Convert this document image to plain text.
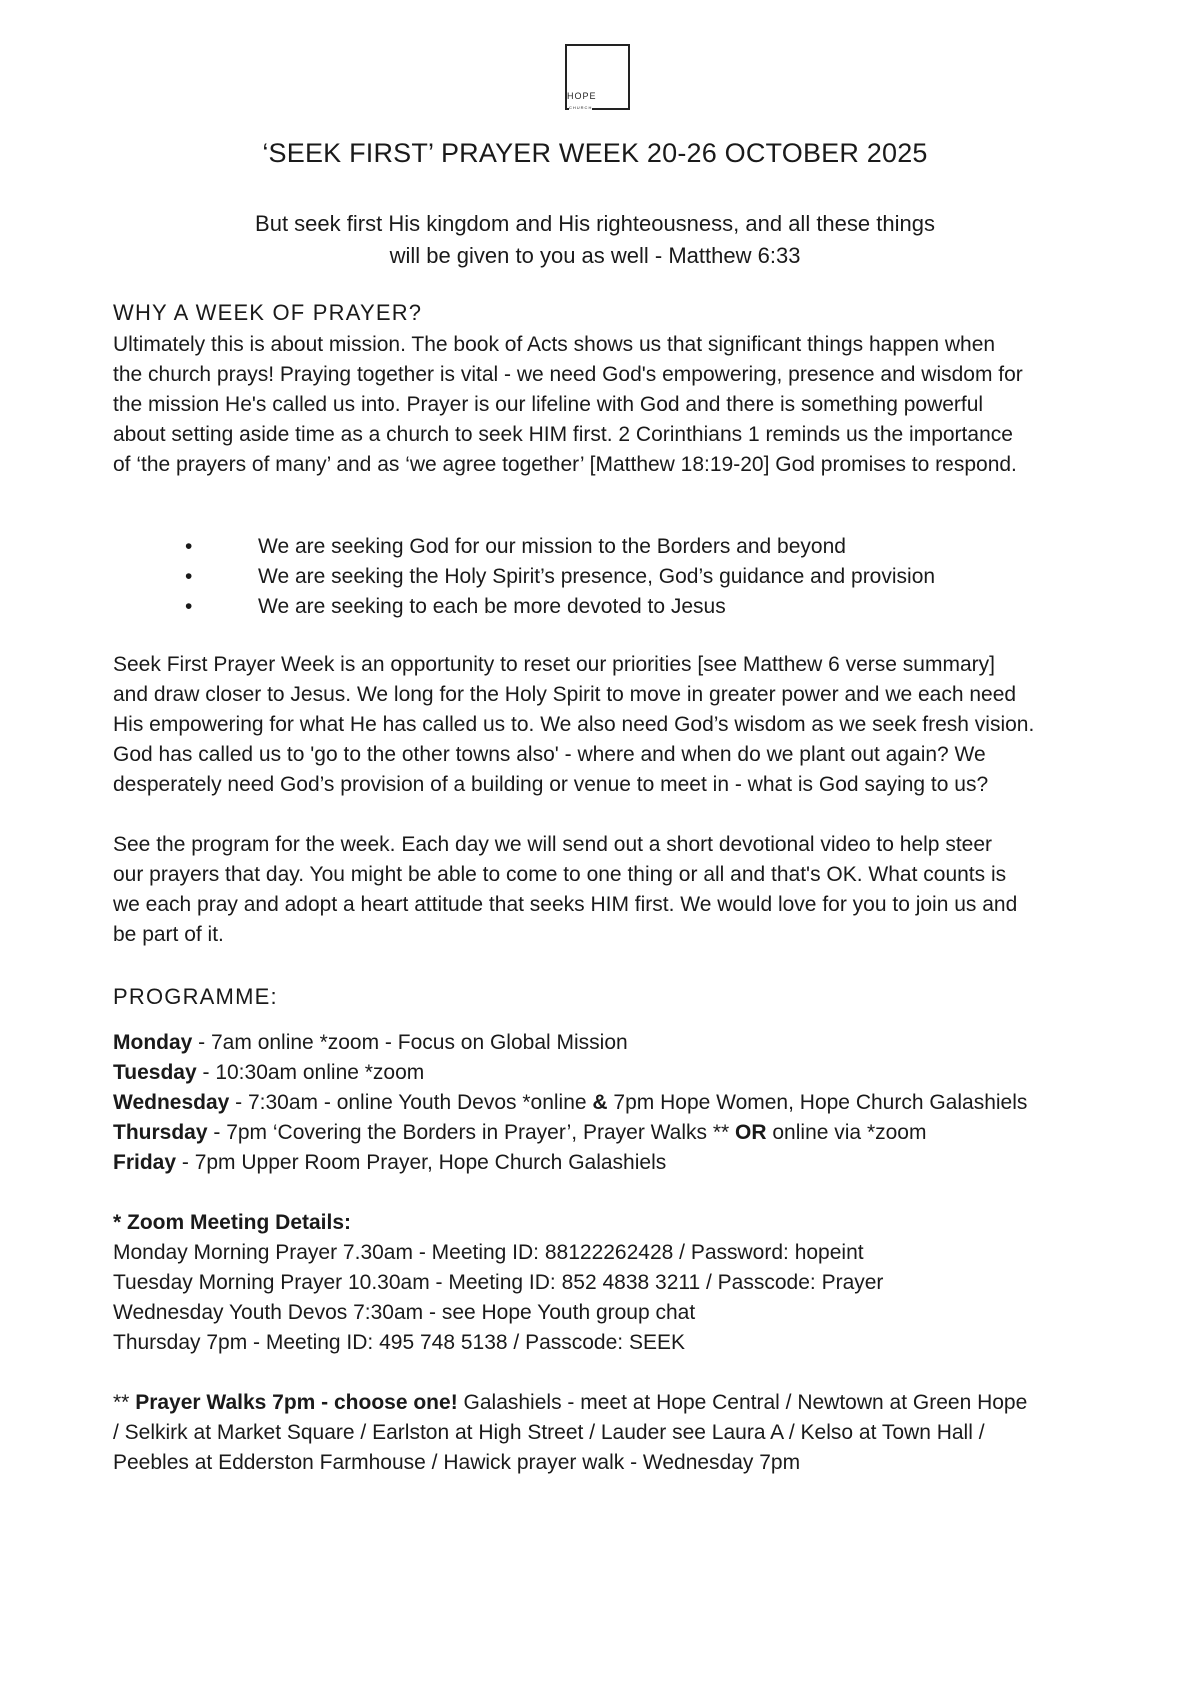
HOPE
CHURCH
‘SEEK FIRST’ PRAYER WEEK 20-26 OCTOBER 2025

But seek first His kingdom and His righteousness, and all these things
will be given to you as well - Matthew 6:33

WHY A WEEK OF PRAYER?

Ultimately this is about mission. The book of Acts shows us that significant things happen when
the church prays! Praying together is vital - we need God's empowering, presence and wisdom for
the mission He's called us into. Prayer is our lifeline with God and there is something powerful
about setting aside time as a church to seek HIM first. 2 Corinthians 1 reminds us the importance
of ‘the prayers of many’ and as ‘we agree together’ [Matthew 18:19-20] God promises to respond.

•	We are seeking God for our mission to the Borders and beyond
•	We are seeking the Holy Spirit’s presence, God’s guidance and provision
•	We are seeking to each be more devoted to Jesus

Seek First Prayer Week is an opportunity to reset our priorities [see Matthew 6 verse summary]
and draw closer to Jesus. We long for the Holy Spirit to move in greater power and we each need
His empowering for what He has called us to. We also need God’s wisdom as we seek fresh vision.
God has called us to 'go to the other towns also' - where and when do we plant out again? We
desperately need God’s provision of a building or venue to meet in - what is God saying to us?

See the program for the week. Each day we will send out a short devotional video to help steer
our prayers that day. You might be able to come to one thing or all and that's OK. What counts is
we each pray and adopt a heart attitude that seeks HIM first. We would love for you to join us and
be part of it.

PROGRAMME:
Monday - 7am online *zoom - Focus on Global Mission
Tuesday - 10:30am online *zoom
Wednesday - 7:30am - online Youth Devos *online & 7pm Hope Women, Hope Church Galashiels
Thursday - 7pm ‘Covering the Borders in Prayer’, Prayer Walks ** OR online via *zoom
Friday - 7pm Upper Room Prayer, Hope Church Galashiels
* Zoom Meeting Details:
Monday Morning Prayer 7.30am - Meeting ID: 88122262428 / Password: hopeint
Tuesday Morning Prayer 10.30am - Meeting ID: 852 4838 3211 / Passcode: Prayer
Wednesday Youth Devos 7:30am - see Hope Youth group chat
Thursday 7pm - Meeting ID: 495 748 5138 / Passcode: SEEK
** Prayer Walks 7pm - choose one! Galashiels - meet at Hope Central / Newtown at Green Hope
/ Selkirk at Market Square / Earlston at High Street / Lauder see Laura A / Kelso at Town Hall /
Peebles at Edderston Farmhouse / Hawick prayer walk - Wednesday 7pm
